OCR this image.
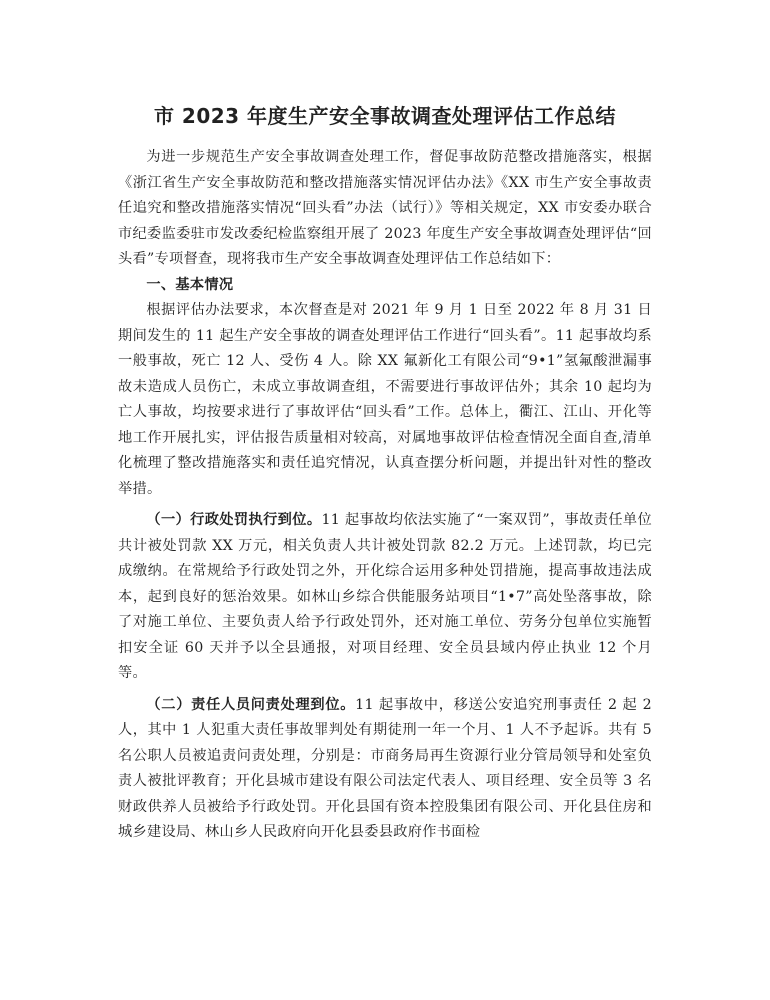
市 2023 年度生产安全事故调查处理评估工作总结

为进一步规范生产安全事故调查处理工作，督促事故防范整改措施落实，根据《浙江省生产安全事故防范和整改措施落实情况评估办法》《XX 市生产安全事故责任追究和整改措施落实情况“回头看”办法（试行）》等相关规定，XX 市安委办联合市纪委监委驻市发改委纪检监察组开展了 2023 年度生产安全事故调查处理评估“回头看”专项督查，现将我市生产安全事故调查处理评估工作总结如下：

一、基本情况

根据评估办法要求，本次督查是对 2021 年 9 月 1 日至 2022 年 8 月 31 日期间发生的 11 起生产安全事故的调查处理评估工作进行“回头看”。11 起事故均系一般事故，死亡 12 人、受伤 4 人。除 XX 氟新化工有限公司“9•1”氢氟酸泄漏事故未造成人员伤亡，未成立事故调查组，不需要进行事故评估外；其余 10 起均为亡人事故，均按要求进行了事故评估“回头看”工作。总体上，衢江、江山、开化等地工作开展扎实，评估报告质量相对较高，对属地事故评估检查情况全面自查,清单化梳理了整改措施落实和责任追究情况，认真查摆分析问题，并提出针对性的整改举措。

（一）行政处罚执行到位。11 起事故均依法实施了“一案双罚”，事故责任单位共计被处罚款 XX 万元，相关负责人共计被处罚款 82.2 万元。上述罚款，均已完成缴纳。在常规给予行政处罚之外，开化综合运用多种处罚措施，提高事故违法成本，起到良好的惩治效果。如林山乡综合供能服务站项目“1•7”高处坠落事故，除了对施工单位、主要负责人给予行政处罚外，还对施工单位、劳务分包单位实施暂扣安全证 60 天并予以全县通报，对项目经理、安全员县域内停止执业 12 个月等。

（二）责任人员问责处理到位。11 起事故中，移送公安追究刑事责任 2 起 2 人，其中 1 人犯重大责任事故罪判处有期徒刑一年一个月、1 人不予起诉。共有 5 名公职人员被追责问责处理，分别是：市商务局再生资源行业分管局领导和处室负责人被批评教育；开化县城市建设有限公司法定代表人、项目经理、安全员等 3 名财政供养人员被给予行政处罚。开化县国有资本控股集团有限公司、开化县住房和城乡建设局、林山乡人民政府向开化县委县政府作书面检
